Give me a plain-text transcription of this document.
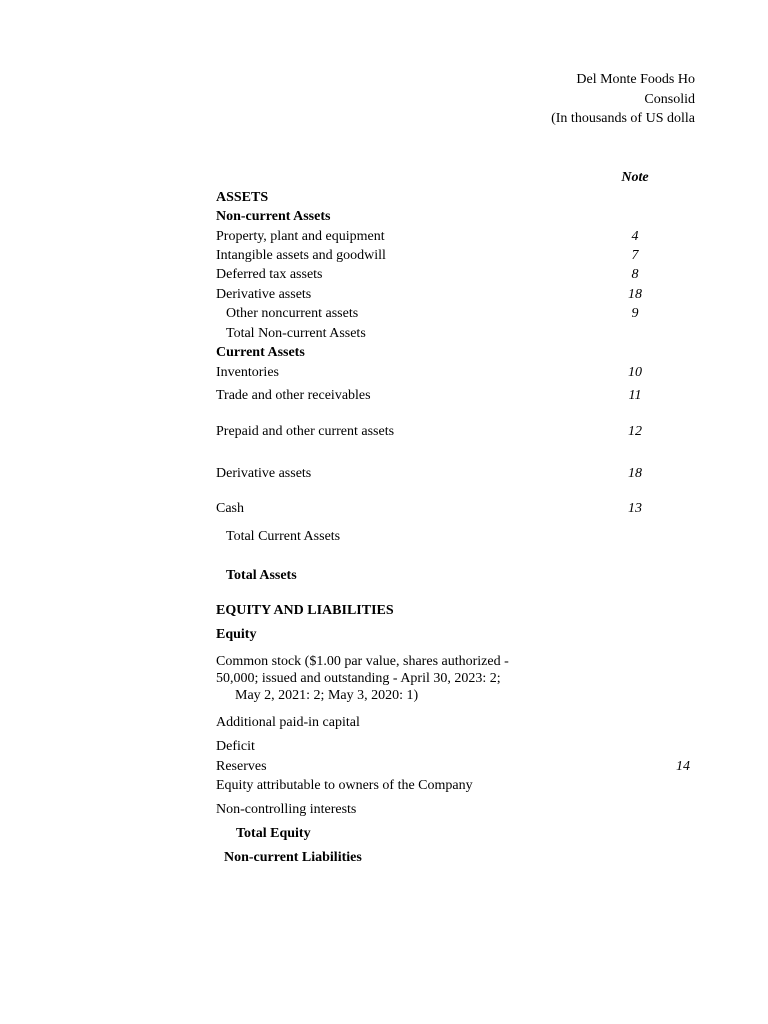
Del Monte Foods Ho
Consolid
(In thousands of US dolla
Note
ASSETS
Non-current Assets
Property, plant and equipment	4
Intangible assets and goodwill	7
Deferred tax assets	8
Derivative assets	18
Other noncurrent assets	9
Total Non-current Assets
Current Assets
Inventories	10
Trade and other receivables	11
Prepaid and other current assets	12
Derivative assets	18
Cash	13
Total Current Assets
Total Assets
EQUITY AND LIABILITIES
Equity
Common stock ($1.00 par value, shares authorized -
50,000; issued and outstanding - April 30, 2023: 2;

May 2, 2021: 2; May 3, 2020: 1)
Additional paid-in capital
Deficit
Reserves	14
Equity attributable to owners of the Company
Non-controlling interests
Total Equity
Non-current Liabilities
